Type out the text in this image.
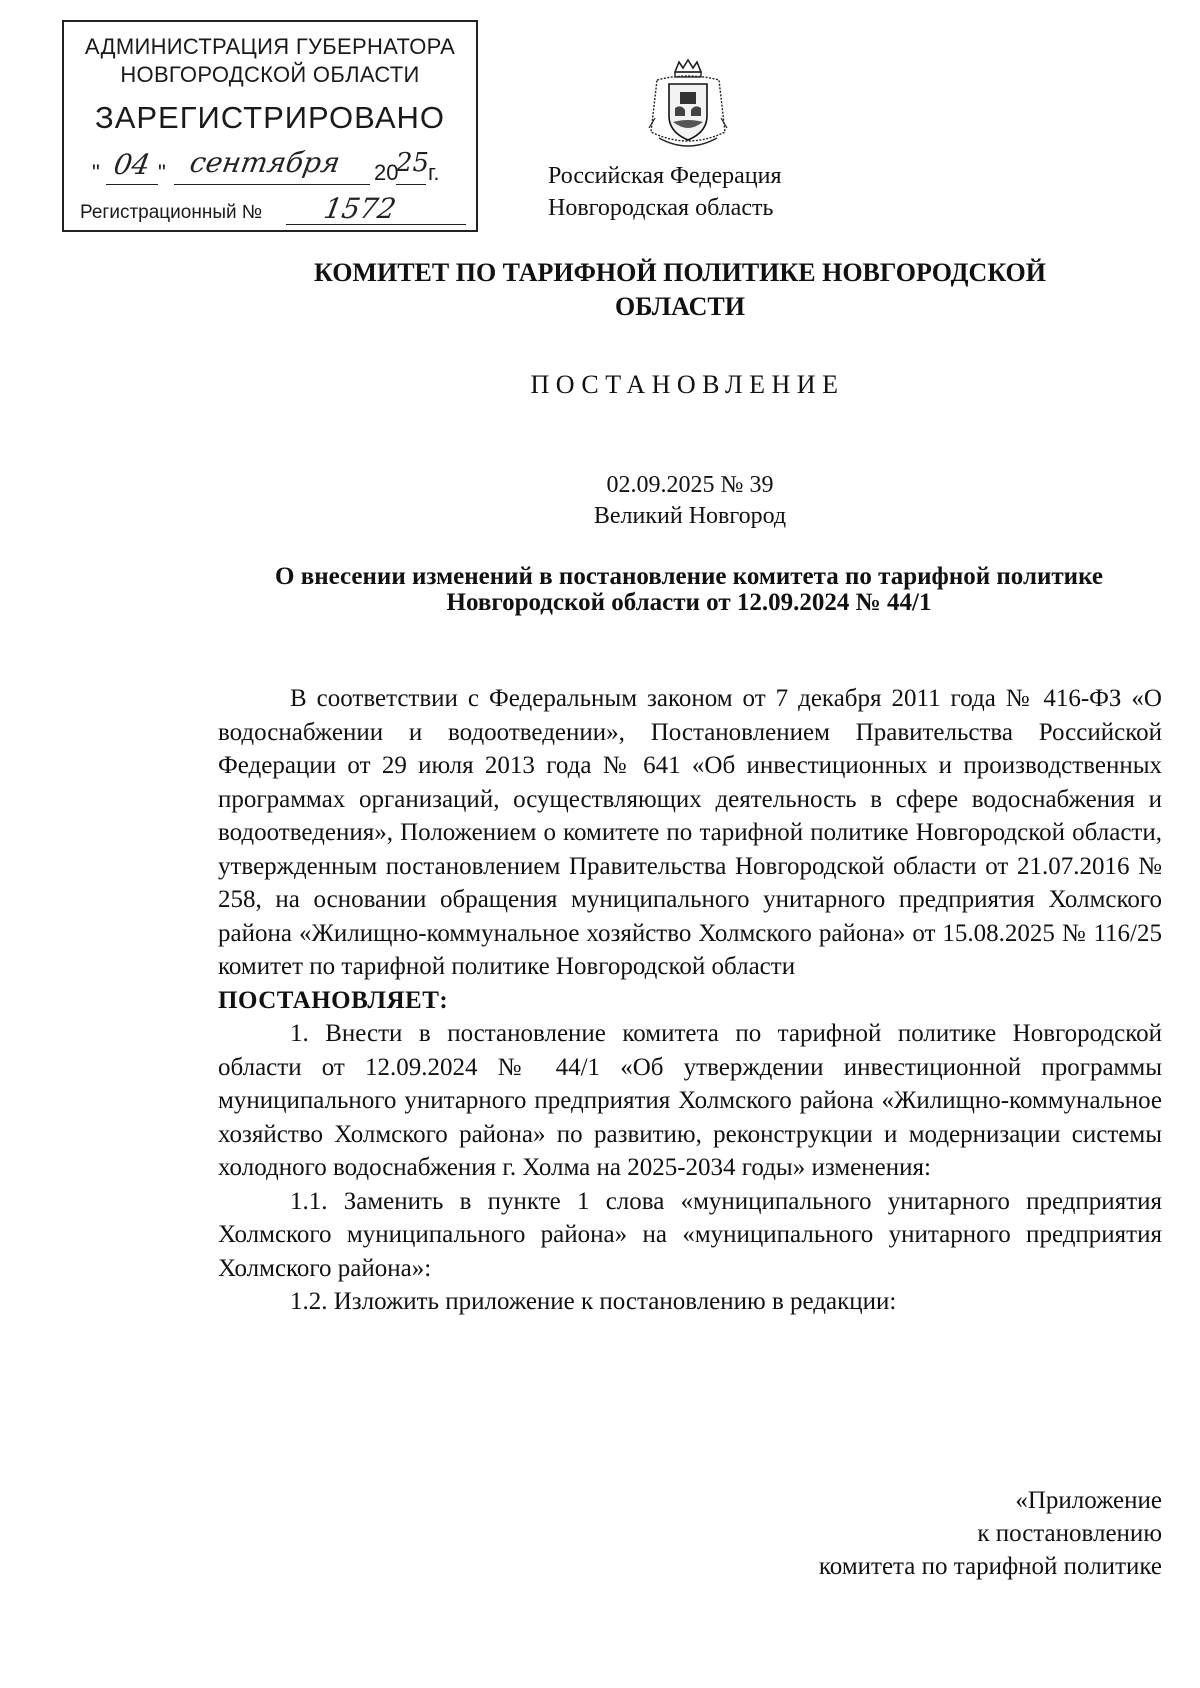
АДМИНИСТРАЦИЯ ГУБЕРНАТОРА
НОВГОРОДСКОЙ ОБЛАСТИ
ЗАРЕГИСТРИРОВАНО
" 04 " сентября	20
25
г.
Регистрационный №	1572
Российская Федерация
Новгородская область
КОМИТЕТ ПО ТАРИФНОЙ ПОЛИТИКЕ НОВГОРОДСКОЙ
ОБЛАСТИ
ПОСТАНОВЛЕНИЕ
02.09.2025 № 39
Великий Новгород
О внесении изменений в постановление комитета по тарифной политике
Новгородской области от 12.09.2024 № 44/1

В соответствии с Федеральным законом от 7 декабря 2011 года № 416-ФЗ «О водоснабжении и водоотведении», Постановлением Правительства Российской Федерации от 29 июля 2013 года № 641 «Об инвестиционных и производственных программах организаций, осуществляющих деятельность в сфере водоснабжения и водоотведения», Положением о комитете по тарифной политике Новгородской области, утвержденным постановлением Правительства Новгородской области от 21.07.2016 № 258, на основании обращения муниципального унитарного предприятия Холмского района «Жилищно-коммунальное хозяйство Холмского района» от 15.08.2025 № 116/25 комитет по тарифной политике Новгородской области

ПОСТАНОВЛЯЕТ:

1. Внести в постановление комитета по тарифной политике Новгородской области от 12.09.2024 № 44/1 «Об утверждении инвестиционной программы муниципального унитарного предприятия Холмского района «Жилищно-коммунальное хозяйство Холмского района» по развитию, реконструкции и модернизации системы холодного водоснабжения г. Холма на 2025-2034 годы» изменения:

1.1. Заменить в пункте 1 слова «муниципального унитарного предприятия Холмского муниципального района» на «муниципального унитарного предприятия Холмского района»:

1.2. Изложить приложение к постановлению в редакции:

«Приложение
к постановлению
комитета по тарифной политике
